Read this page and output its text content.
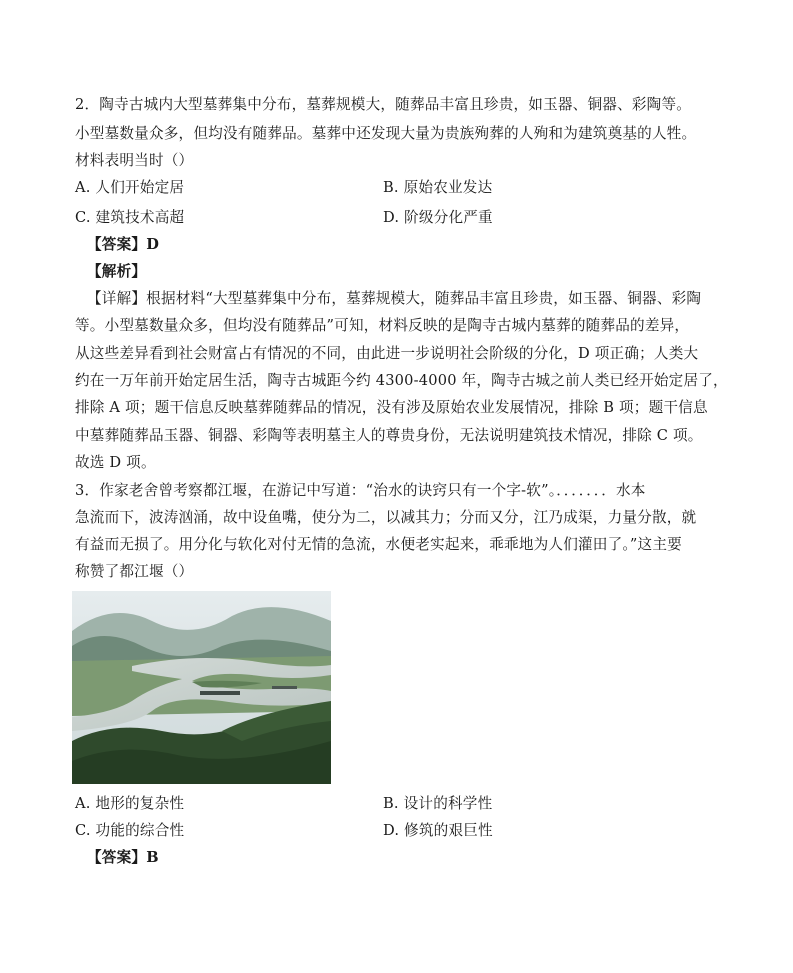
2．陶寺古城内大型墓葬集中分布，墓葬规模大，随葬品丰富且珍贵，如玉器、铜器、彩陶等。
小型墓数量众多，但均没有随葬品。墓葬中还发现大量为贵族殉葬的人殉和为建筑奠基的人牲。
材料表明当时（）
A. 人们开始定居	B. 原始农业发达
C. 建筑技术高超	D. 阶级分化严重
【答案】D
【解析】
【详解】根据材料“大型墓葬集中分布，墓葬规模大，随葬品丰富且珍贵，如玉器、铜器、彩陶
等。小型墓数量众多，但均没有随葬品”可知，材料反映的是陶寺古城内墓葬的随葬品的差异，
从这些差异看到社会财富占有情况的不同，由此进一步说明社会阶级的分化，D 项正确；人类大
约在一万年前开始定居生活，陶寺古城距今约 4300-4000 年，陶寺古城之前人类已经开始定居了，
排除 A 项；题干信息反映墓葬随葬品的情况，没有涉及原始农业发展情况，排除 B 项；题干信息
中墓葬随葬品玉器、铜器、彩陶等表明墓主人的尊贵身份，无法说明建筑技术情况，排除 C 项。
故选 D 项。
3．作家老舍曾考察都江堰，在游记中写道：“治水的诀窍只有一个字-软”。．．．．．．．水本
急流而下，波涛汹涌，故中设鱼嘴，使分为二，以减其力；分而又分，江乃成渠，力量分散，就
有益而无损了。用分化与软化对付无情的急流，水便老实起来，乖乖地为人们灌田了。”这主要
称赞了都江堰（）
A. 地形的复杂性	B. 设计的科学性
C. 功能的综合性	D. 修筑的艰巨性
【答案】B
